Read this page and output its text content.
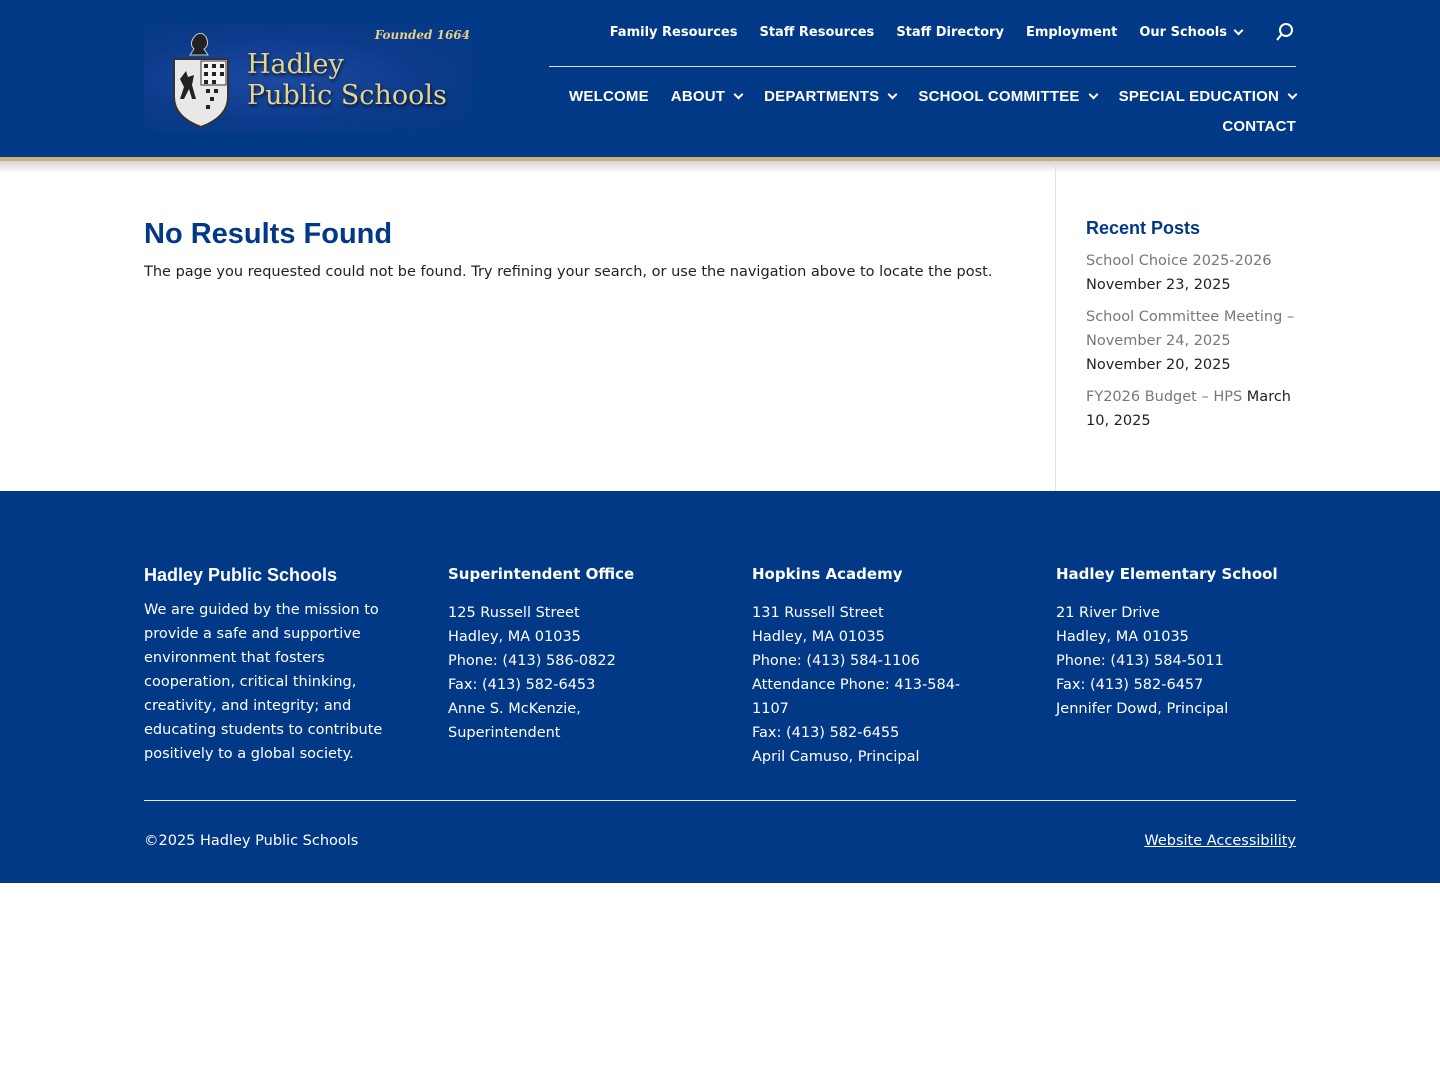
Founded 1664
Hadley
Public Schools
Family Resources Staff Resources Staff Directory Employment Our Schools
WELCOME ABOUT	DEPARTMENTS	SCHOOL COMMITTEE	SPECIAL EDUCATION
CONTACT
No Results Found

The page you requested could not be found. Try refining your search, or use the navigation above to locate the post.

Recent Posts
School Choice 2025-2026
November 23, 2025
School Committee Meeting – November 24, 2025
November 20, 2025
FY2026 Budget – HPS March 10, 2025
Hadley Public Schools

We are guided by the mission to provide a safe and supportive environment that fosters cooperation, critical thinking, creativity, and integrity; and educating students to contribute positively to a global society.

Superintendent Office
125 Russell Street
Hadley, MA 01035
Phone: (413) 586-0822
Fax: (413) 582-6453
Anne S. McKenzie, Superintendent
Hopkins Academy
131 Russell Street
Hadley, MA 01035
Phone: (413) 584-1106
Attendance Phone: 413-584-1107
Fax: (413) 582-6455
April Camuso, Principal
Hadley Elementary School
21 River Drive
Hadley, MA 01035
Phone: (413) 584-5011
Fax: (413) 582-6457
Jennifer Dowd, Principal
©2025 Hadley Public Schools	Website Accessibility
